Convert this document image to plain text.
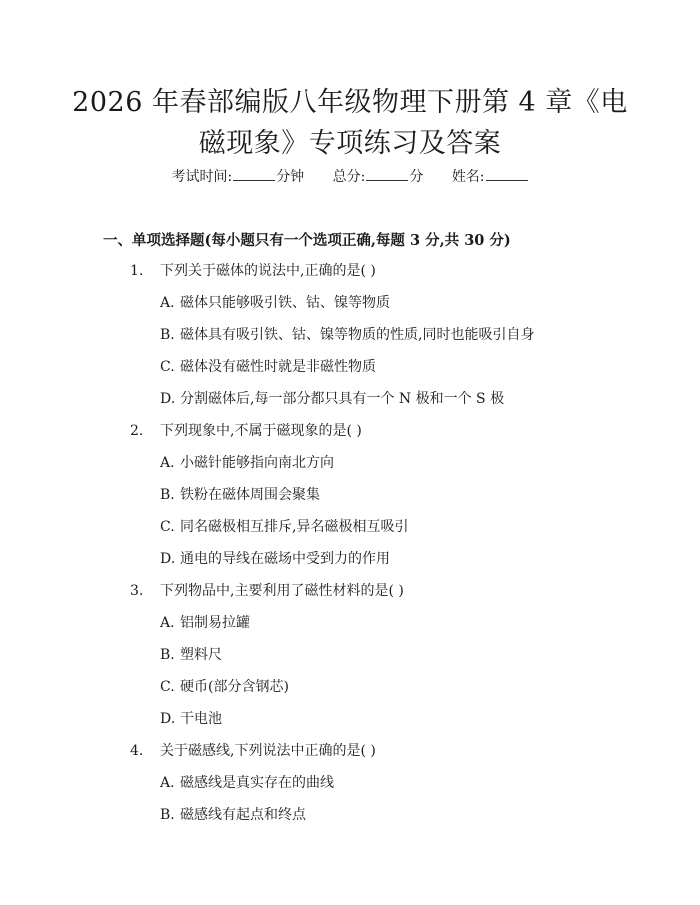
2026 年春部编版八年级物理下册第 4 章《电
磁现象》专项练习及答案
考试时间:	分钟 总分:	分 姓名:
一、单项选择题(每小题只有一个选项正确,每题 3 分,共 30 分)
1. 下列关于磁体的说法中,正确的是( )
A. 磁体只能够吸引铁、钴、镍等物质
B. 磁体具有吸引铁、钴、镍等物质的性质,同时也能吸引自身
C. 磁体没有磁性时就是非磁性物质
D. 分割磁体后,每一部分都只具有一个 N 极和一个 S 极
2. 下列现象中,不属于磁现象的是( )
A. 小磁针能够指向南北方向
B. 铁粉在磁体周围会聚集
C. 同名磁极相互排斥,异名磁极相互吸引
D. 通电的导线在磁场中受到力的作用
3. 下列物品中,主要利用了磁性材料的是( )
A. 铝制易拉罐
B. 塑料尺
C. 硬币(部分含钢芯)
D. 干电池
4. 关于磁感线,下列说法中正确的是( )
A. 磁感线是真实存在的曲线
B. 磁感线有起点和终点
